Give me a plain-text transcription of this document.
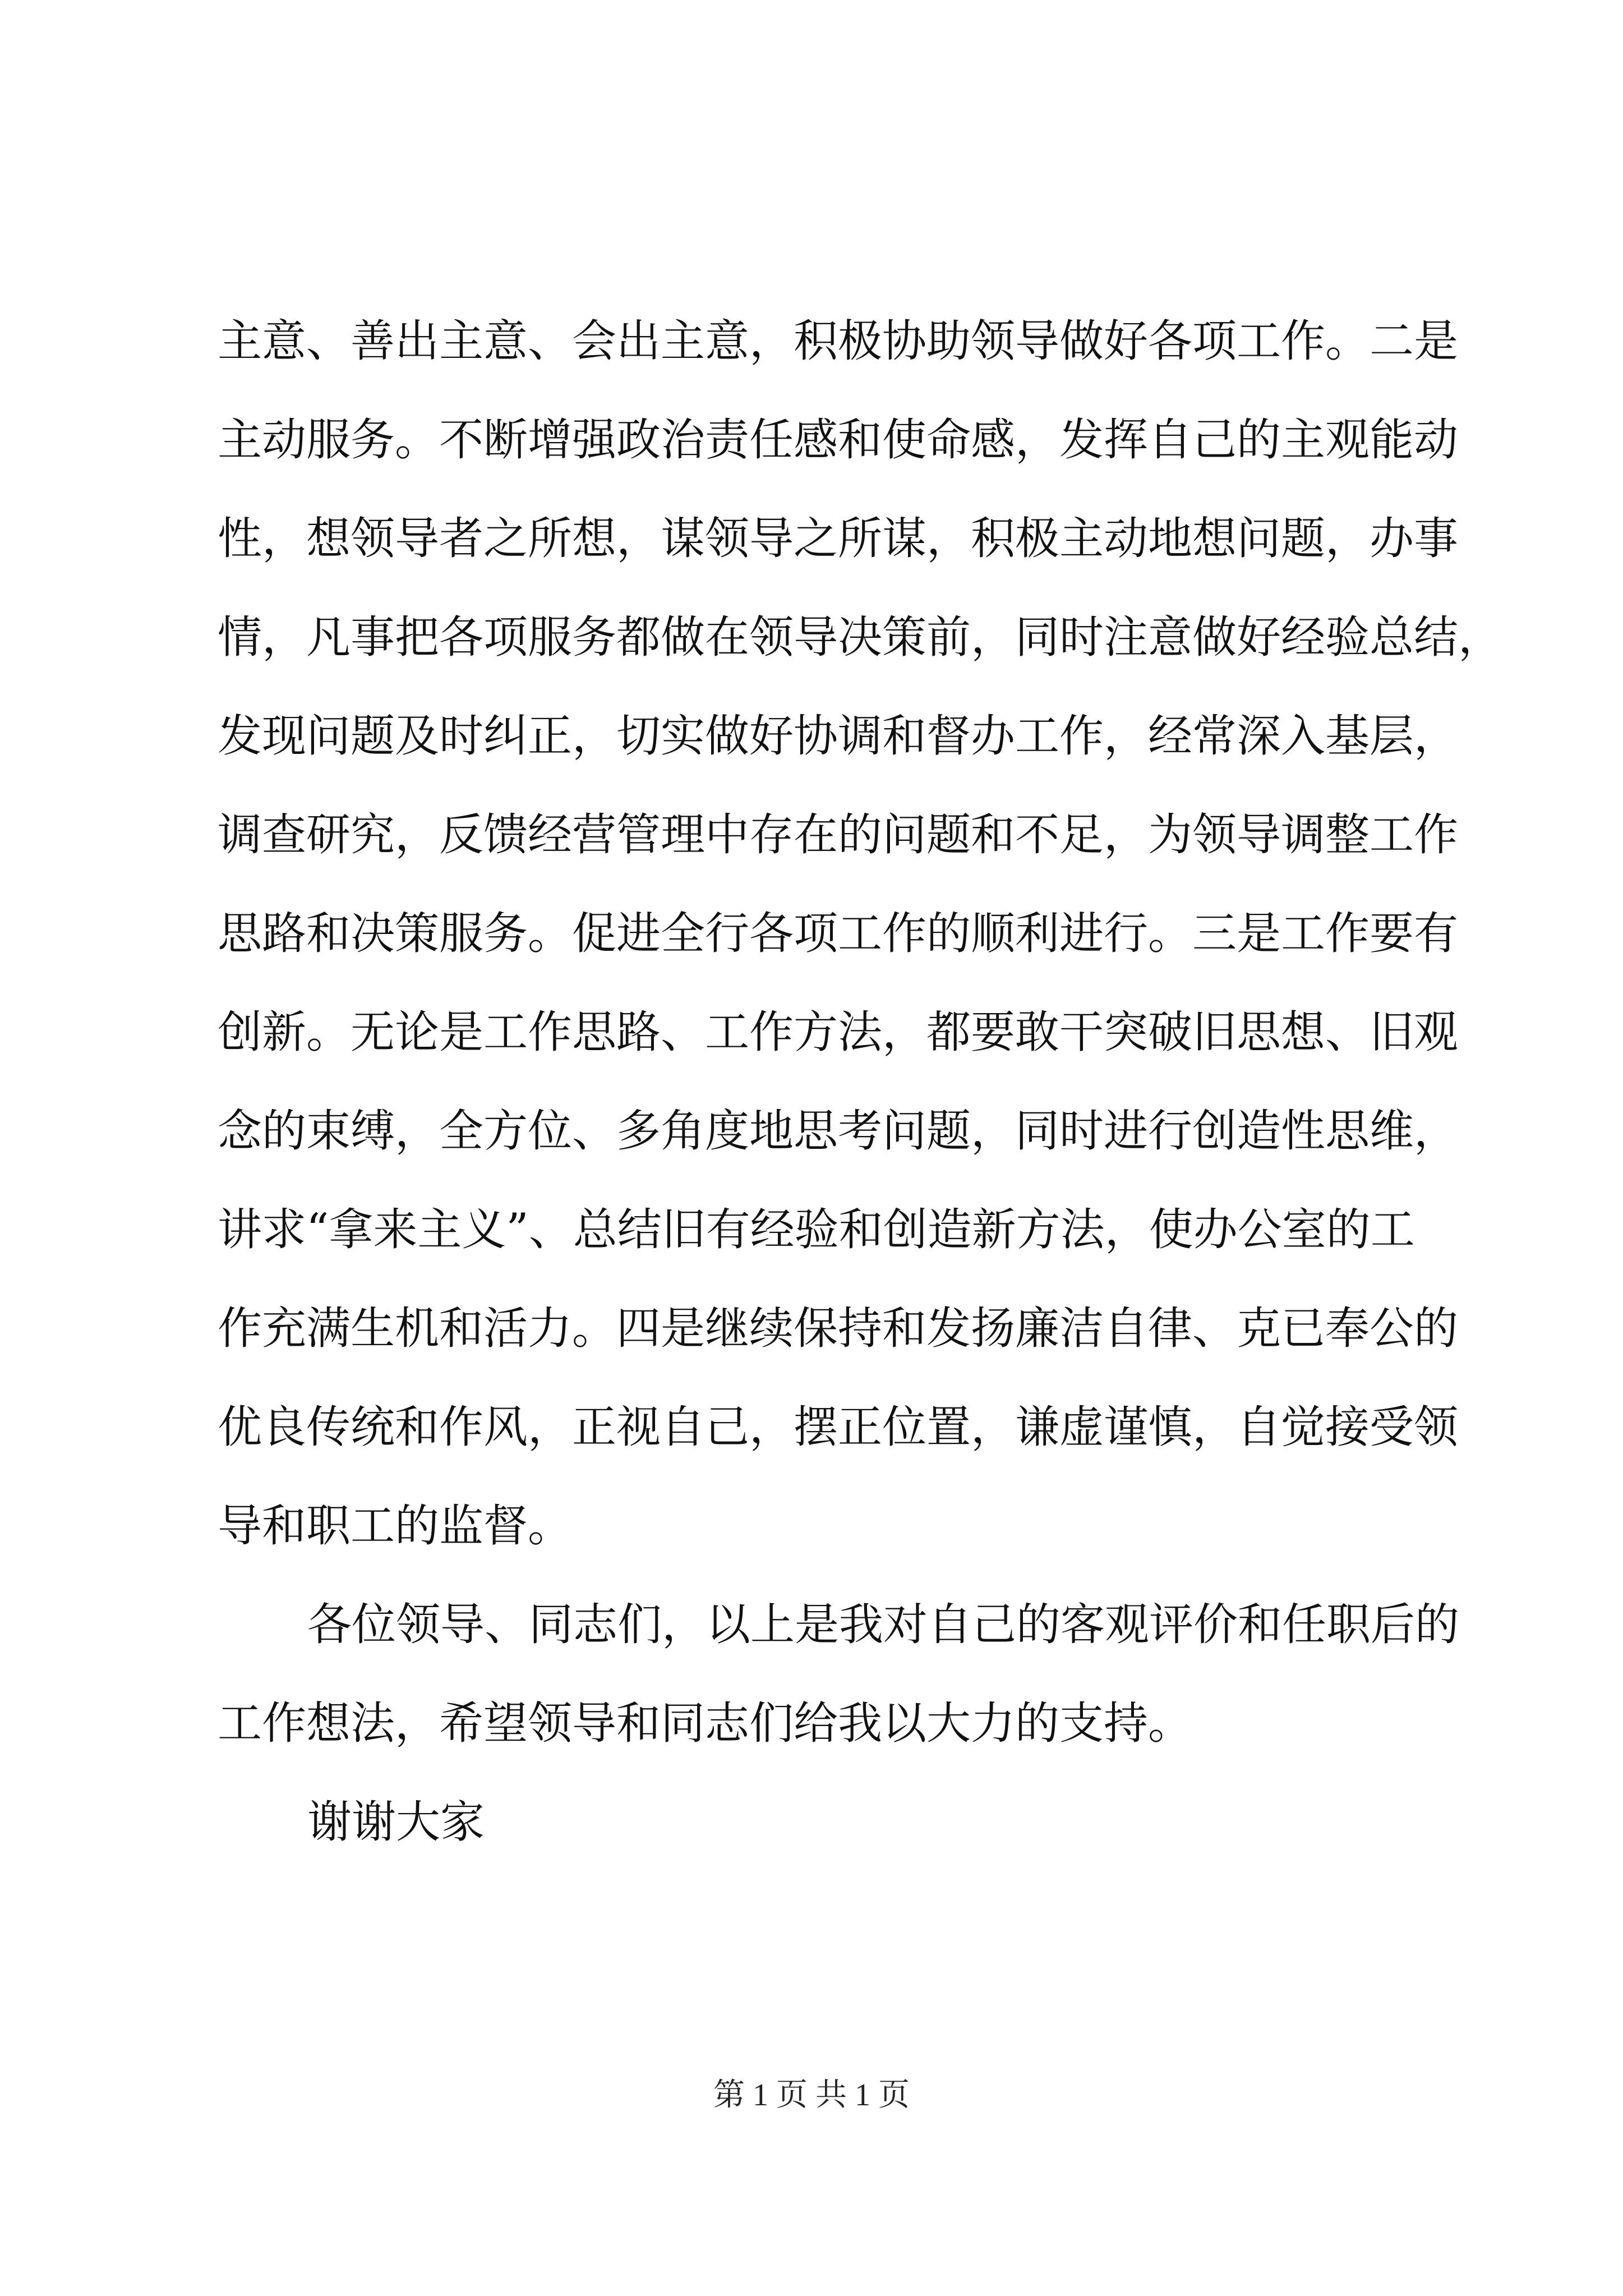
主意、善出主意、会出主意，积极协助领导做好各项工作。二是
主动服务。不断增强政治责任感和使命感，发挥自己的主观能动
性，想领导者之所想，谋领导之所谋，积极主动地想问题，办事
情，凡事把各项服务都做在领导决策前，同时注意做好经验总结，
发现问题及时纠正，切实做好协调和督办工作，经常深入基层，
调查研究，反馈经营管理中存在的问题和不足，为领导调整工作
思路和决策服务。促进全行各项工作的顺利进行。三是工作要有
创新。无论是工作思路、工作方法，都要敢干突破旧思想、旧观
念的束缚，全方位、多角度地思考问题，同时进行创造性思维，
讲求“拿来主义”、总结旧有经验和创造新方法，使办公室的工
作充满生机和活力。四是继续保持和发扬廉洁自律、克已奉公的
优良传统和作风，正视自己，摆正位置，谦虚谨慎，自觉接受领
导和职工的监督。
各位领导、同志们，以上是我对自己的客观评价和任职后的
工作想法，希望领导和同志们给我以大力的支持。
谢谢大家
第 1 页 共 1 页
